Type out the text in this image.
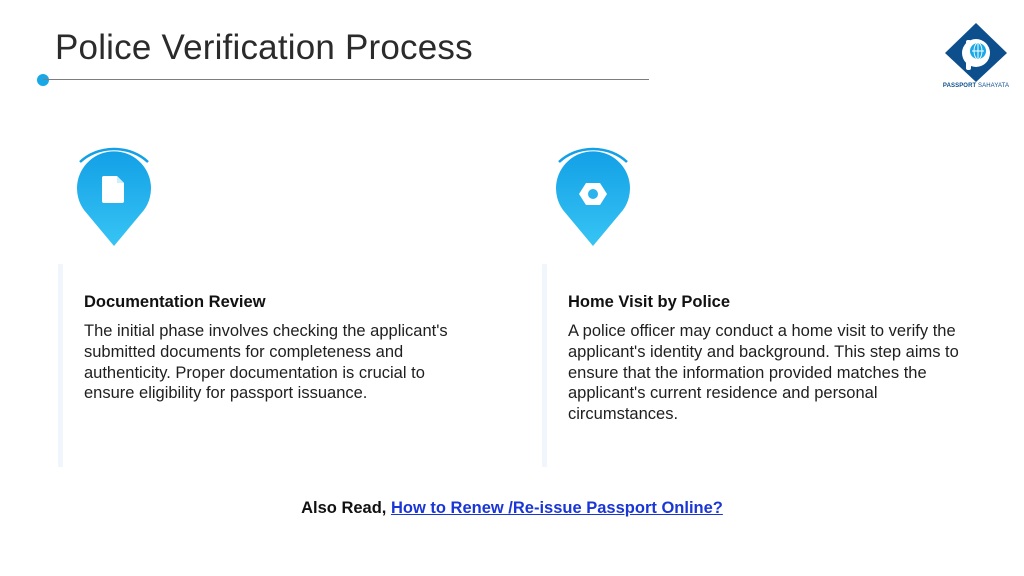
Police Verification Process
PASSPORT SAHAYATA
Documentation Review
The initial phase involves checking the applicant's submitted documents for completeness and authenticity. Proper documentation is crucial to ensure eligibility for passport issuance.
Home Visit by Police
A police officer may conduct a home visit to verify the applicant's identity and background. This step aims to ensure that the information provided matches the applicant's current residence and personal circumstances.
Also Read, How to Renew /Re-issue Passport Online?
